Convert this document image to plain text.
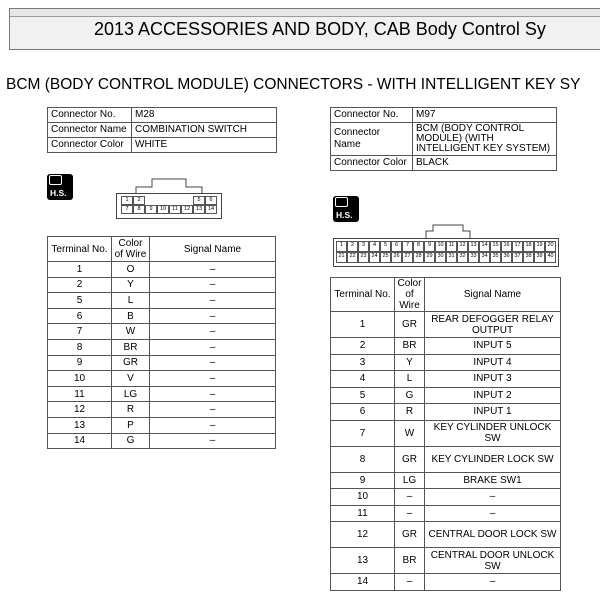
2013 ACCESSORIES AND BODY, CAB Body Control Sy
BCM (BODY CONTROL MODULE) CONNECTORS - WITH INTELLIGENT KEY SY
Connector No.	M28
Connector Name	COMBINATION SWITCH
Connector Color	WHITE
H.S.
1	2	5	6
7	8	9	10	11	12	13	14
Terminal No.	Color of Wire	Signal Name
1	O	–
2	Y	–
5	L	–
6	B	–
7	W	–
8	BR	–
9	GR	–
10	V	–
11	LG	–
12	R	–
13	P	–
14	G	–
Connector No.	M97
Connector Name	BCM (BODY CONTROL MODULE) (WITH INTELLIGENT KEY SYSTEM)
Connector Color	BLACK
H.S.
1	2	3	4	5	6	7	8	9	10 11 12 13 14 15 16 17 18 19 20
21 22 23 24 25 26 27 28 29 30 31 32 33 34 35 36 37 38 39 40
Terminal No.	Color of Wire	Signal Name
1	GR	REAR DEFOGGER RELAY OUTPUT
2	BR	INPUT 5
3	Y	INPUT 4
4	L	INPUT 3
5	G	INPUT 2
6	R	INPUT 1
7	W	KEY CYLINDER UNLOCK SW
8	GR	KEY CYLINDER LOCK SW
9	LG	BRAKE SW1
10	–	–
11	–	–
12	GR	CENTRAL DOOR LOCK SW
13	BR	CENTRAL DOOR UNLOCK SW
14	–	–
